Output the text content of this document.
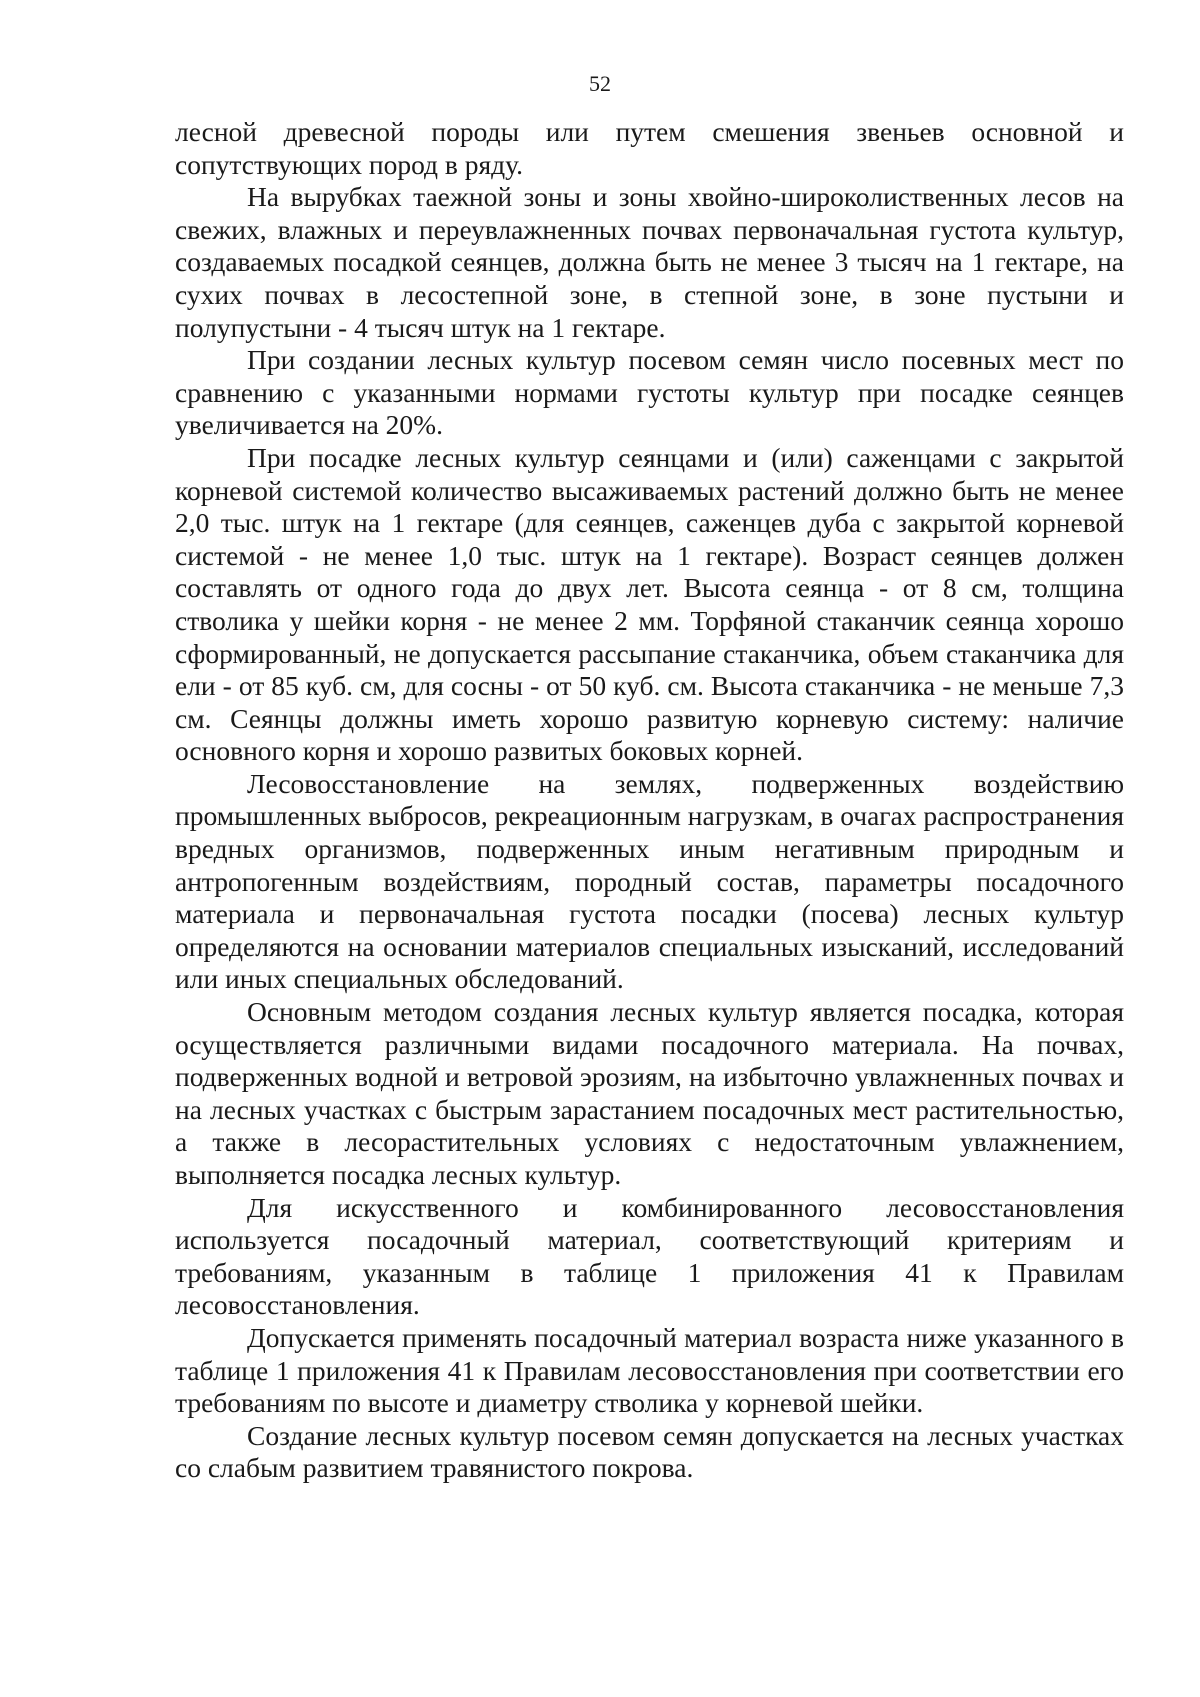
52

лесной древесной породы или путем смешения звеньев основной и сопутствующих пород в ряду.

На вырубках таежной зоны и зоны хвойно-широколиственных лесов на свежих, влажных и переувлажненных почвах первоначальная густота культур, создаваемых посадкой сеянцев, должна быть не менее 3 тысяч на 1 гектаре, на сухих почвах в лесостепной зоне, в степной зоне, в зоне пустыни и полупустыни - 4 тысяч штук на 1 гектаре.

При создании лесных культур посевом семян число посевных мест по сравнению с указанными нормами густоты культур при посадке сеянцев увеличивается на 20%.

При посадке лесных культур сеянцами и (или) саженцами с закрытой корневой системой количество высаживаемых растений должно быть не менее 2,0 тыс. штук на 1 гектаре (для сеянцев, саженцев дуба с закрытой корневой системой - не менее 1,0 тыс. штук на 1 гектаре). Возраст сеянцев должен составлять от одного года до двух лет. Высота сеянца - от 8 см, толщина стволика у шейки корня - не менее 2 мм. Торфяной стаканчик сеянца хорошо сформированный, не допускается рассыпание стаканчика, объем стаканчика для ели - от 85 куб. см, для сосны - от 50 куб. см. Высота стаканчика - не меньше 7,3 см. Сеянцы должны иметь хорошо развитую корневую систему: наличие основного корня и хорошо развитых боковых корней.

Лесовосстановление на землях, подверженных воздействию промышленных выбросов, рекреационным нагрузкам, в очагах распространения вредных организмов, подверженных иным негативным природным и антропогенным воздействиям, породный состав, параметры посадочного материала и первоначальная густота посадки (посева) лесных культур определяются на основании материалов специальных изысканий, исследований или иных специальных обследований.

Основным методом создания лесных культур является посадка, которая осуществляется различными видами посадочного материала. На почвах, подверженных водной и ветровой эрозиям, на избыточно увлажненных почвах и на лесных участках с быстрым зарастанием посадочных мест растительностью, а также в лесорастительных условиях с недостаточным увлажнением, выполняется посадка лесных культур.

Для искусственного и комбинированного лесовосстановления используется посадочный материал, соответствующий критериям и требованиям, указанным в таблице 1 приложения 41 к Правилам лесовосстановления.

Допускается применять посадочный материал возраста ниже указанного в таблице 1 приложения 41 к Правилам лесовосстановления при соответствии его требованиям по высоте и диаметру стволика у корневой шейки.

Создание лесных культур посевом семян допускается на лесных участках со слабым развитием травянистого покрова.
